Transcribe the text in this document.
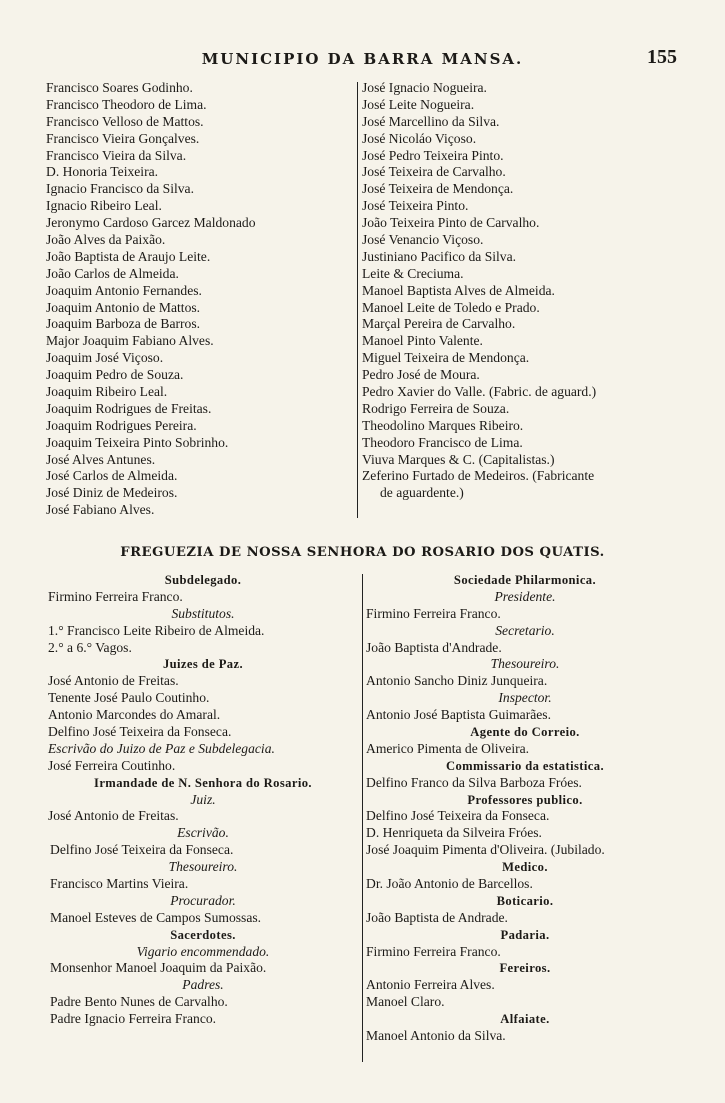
MUNICIPIO DA BARRA MANSA.	155
Francisco Soares Godinho.
Francisco Theodoro de Lima.
Francisco Velloso de Mattos.
Francisco Vieira Gonçalves.
Francisco Vieira da Silva.
D. Honoria Teixeira.
Ignacio Francisco da Silva.
Ignacio Ribeiro Leal.
Jeronymo Cardoso Garcez Maldonado
João Alves da Paixão.
João Baptista de Araujo Leite.
João Carlos de Almeida.
Joaquim Antonio Fernandes.
Joaquim Antonio de Mattos.
Joaquim Barboza de Barros.
Major Joaquim Fabiano Alves.
Joaquim José Viçoso.
Joaquim Pedro de Souza.
Joaquim Ribeiro Leal.
Joaquim Rodrigues de Freitas.
Joaquim Rodrigues Pereira.
Joaquim Teixeira Pinto Sobrinho.
José Alves Antunes.
José Carlos de Almeida.
José Diniz de Medeiros.
José Fabiano Alves.
José Ignacio Nogueira.
José Leite Nogueira.
José Marcellino da Silva.
José Nicoláo Viçoso.
José Pedro Teixeira Pinto.
José Teixeira de Carvalho.
José Teixeira de Mendonça.
José Teixeira Pinto.
João Teixeira Pinto de Carvalho.
José Venancio Viçoso.
Justiniano Pacifico da Silva.
Leite & Creciuma.
Manoel Baptista Alves de Almeida.
Manoel Leite de Toledo e Prado.
Marçal Pereira de Carvalho.
Manoel Pinto Valente.
Miguel Teixeira de Mendonça.
Pedro José de Moura.
Pedro Xavier do Valle. (Fabric. de aguard.)
Rodrigo Ferreira de Souza.
Theodolino Marques Ribeiro.
Theodoro Francisco de Lima.
Viuva Marques & C. (Capitalistas.)
Zeferino Furtado de Medeiros. (Fabricante
de aguardente.)
FREGUEZIA DE NOSSA SENHORA DO ROSARIO DOS QUATIS.
Subdelegado.
Firmino Ferreira Franco.
Substitutos.
1.° Francisco Leite Ribeiro de Almeida.
2.° a 6.° Vagos.
Juizes de Paz.
José Antonio de Freitas.
Tenente José Paulo Coutinho.
Antonio Marcondes do Amaral.
Delfino José Teixeira da Fonseca.
Escrivão do Juizo de Paz e Subdelegacia.
José Ferreira Coutinho.
Irmandade de N. Senhora do Rosario.
Juiz.
José Antonio de Freitas.
Escrivão.
Delfino José Teixeira da Fonseca.
Thesoureiro.
Francisco Martins Vieira.
Procurador.
Manoel Esteves de Campos Sumossas.
Sacerdotes.
Vigario encommendado.
Monsenhor Manoel Joaquim da Paixão.
Padres.
Padre Bento Nunes de Carvalho.
Padre Ignacio Ferreira Franco.
Sociedade Philarmonica.
Presidente.
Firmino Ferreira Franco.
Secretario.
João Baptista d'Andrade.
Thesoureiro.
Antonio Sancho Diniz Junqueira.
Inspector.
Antonio José Baptista Guimarães.
Agente do Correio.
Americo Pimenta de Oliveira.
Commissario da estatistica.
Delfino Franco da Silva Barboza Fróes.
Professores publico.
Delfino José Teixeira da Fonseca.
D. Henriqueta da Silveira Fróes.
José Joaquim Pimenta d'Oliveira. (Jubilado.
Medico.
Dr. João Antonio de Barcellos.
Boticario.
João Baptista de Andrade.
Padaria.
Firmino Ferreira Franco.
Fereiros.
Antonio Ferreira Alves.
Manoel Claro.
Alfaiate.
Manoel Antonio da Silva.
